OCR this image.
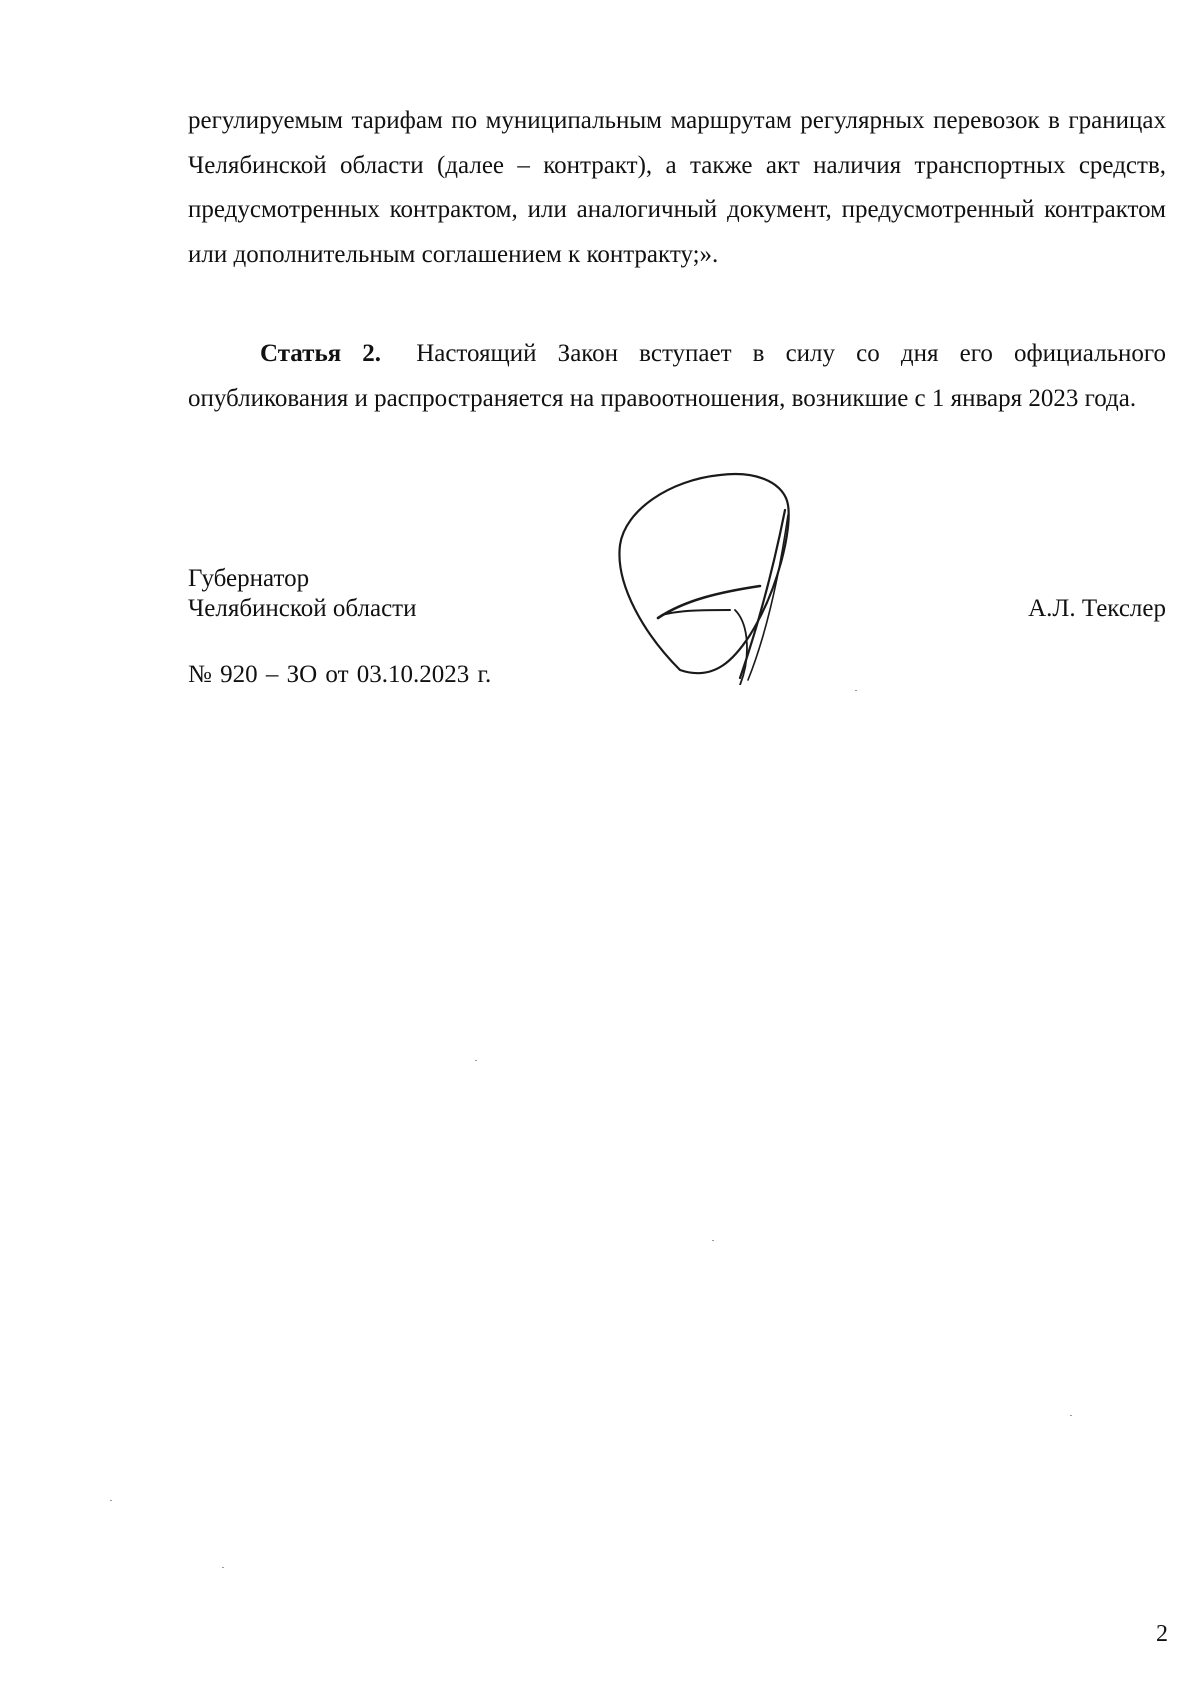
регулируемым тарифам по муниципальным маршрутам регулярных перевозок в границах Челябинской области (далее – контракт), а также акт наличия транспортных средств, предусмотренных контрактом, или аналогичный документ, предусмотренный контрактом или дополнительным соглашением к контракту;».
Статья 2. Настоящий Закон вступает в силу со дня его официального опубликования и распространяется на правоотношения, возникшие с 1 января 2023 года.
Губернатор
Челябинской области	А.Л. Текслер
№ 920 – ЗО от 03.10.2023 г.
2
